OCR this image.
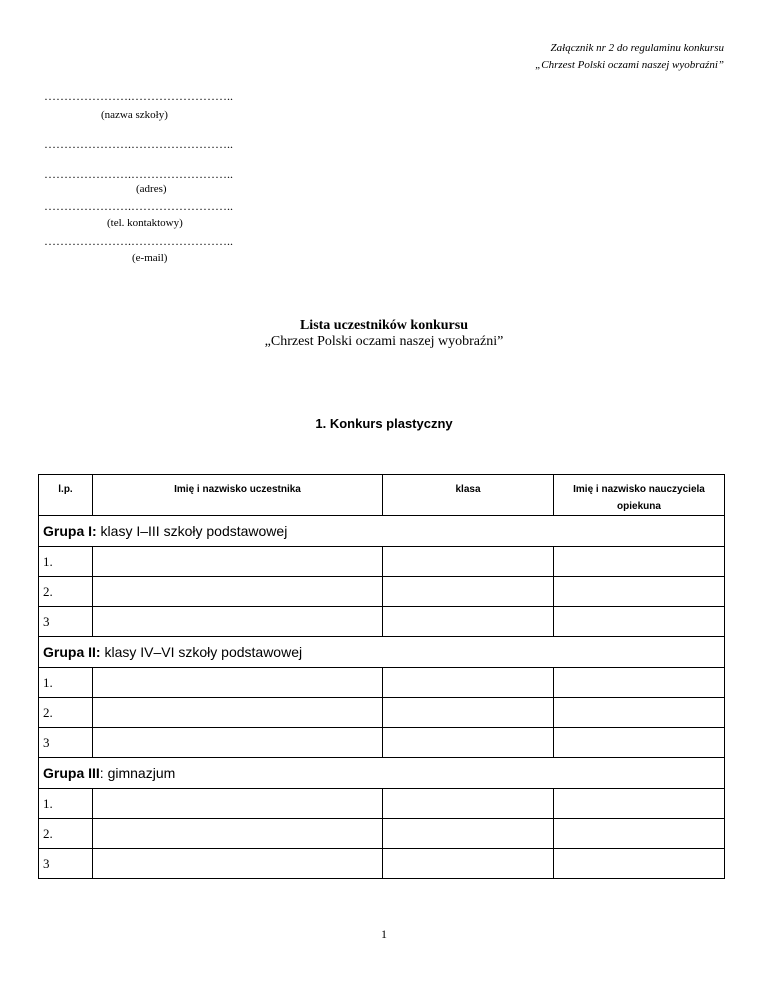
Załącznik nr 2 do regulaminu konkursu
„Chrzest Polski oczami naszej wyobraźni”
………………….……………………..
(nazwa szkoły)
………………….……………………..
………………….……………………..
(adres)
………………….……………………..
(tel. kontaktowy)
………………….……………………..
(e-mail)
Lista uczestników konkursu
„Chrzest Polski oczami naszej wyobraźni”
1. Konkurs plastyczny
l.p.	Imię i nazwisko uczestnika	klasa	Imię i nazwisko nauczyciela opiekuna
Grupa I: klasy I–III szkoły podstawowej			
1.			
2.			
3			
Grupa II: klasy IV–VI szkoły podstawowej			
1.			
2.			
3			
Grupa III: gimnazjum			
1.			
2.			
3			
1
